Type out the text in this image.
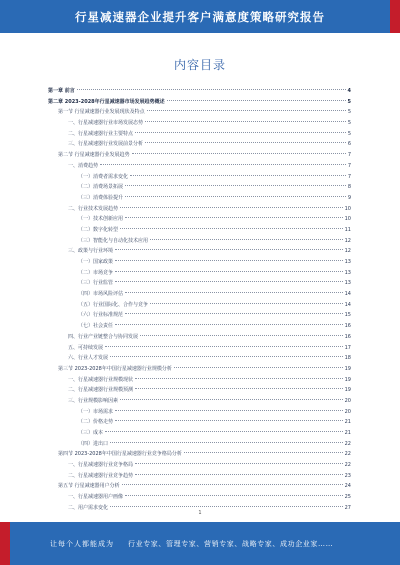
行星减速器企业提升客户满意度策略研究报告
内容目录
第一章 前言	4
第二章 2023-2028年行星减速器市场发展趋势概述	5
第一节 行星减速器行业发展现状及特点	5
一、行星减速器行业市场发展态势	5
二、行星减速器行业主要特点	5
三、行星减速器行业发展前景分析	6
第二节 行星减速器行业发展趋势	7
一、消费趋势	7
（一）消费者需求变化	7
（二）消费场景拓展	8
（三）消费体验提升	9
二、行业技术发展趋势	10
（一）技术创新应用	10
（二）数字化转型	11
（三）智能化与自动化技术应用	12
三、政策与行业环境	12
（一）国家政策	13
（二）市场竞争	13
（三）行业监管	13
（四）市场风险评估	14
（五）行业国际化、合作与竞争	14
（六）行业标准规范	15
（七）社会责任	16
四、行业产业链整合与协同发展	16
五、可持续发展	17
六、行业人才发展	18
第三节 2023-2028年中国行星减速器行业规模分析	19
一、行星减速器行业规模现状	19
二、行星减速器行业规模预测	19
三、行业规模影响因素	20
（一）市场需求	20
（二）价格走势	21
（三）成本	21
（四）进出口	22
第四节 2023-2028年中国行星减速器行业竞争格局分析	22
一、行星减速器行业竞争格局	22
二、行星减速器行业竞争趋势	23
第五节 行星减速器用户分析	24
一、行星减速器用户画像	25
二、用户需求变化	27
1
让每个人都能成为	行业专家、管理专家、营销专家、战略专家、成功企业家……
